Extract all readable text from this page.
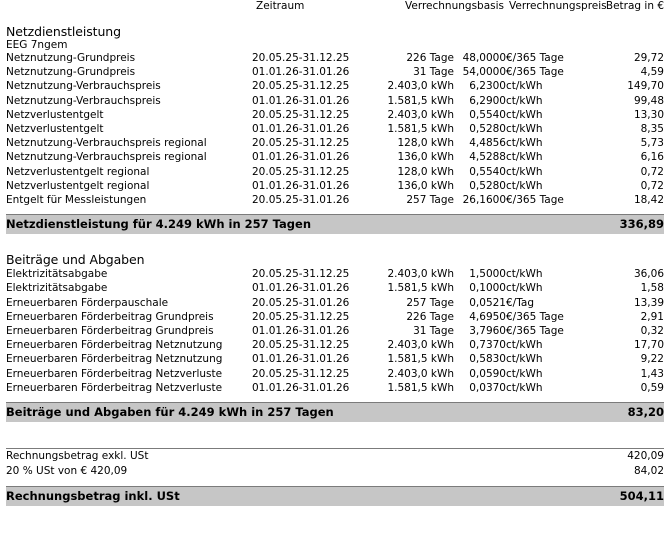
	Zeitraum	Verrechnungsbasis		Verrechnungspreis	Betrag in €

Netzdienstleistung					
EEG 7ngem					
Netznutzung-Grundpreis	20.05.25-31.12.25	226 Tage	48,0000	€/365 Tage	29,72
Netznutzung-Grundpreis	01.01.26-31.01.26	31 Tage	54,0000	€/365 Tage	4,59
Netznutzung-Verbrauchspreis	20.05.25-31.12.25	2.403,0 kWh	6,2300	ct/kWh	149,70
Netznutzung-Verbrauchspreis	01.01.26-31.01.26	1.581,5 kWh	6,2900	ct/kWh	99,48
Netzverlustentgelt	20.05.25-31.12.25	2.403,0 kWh	0,5540	ct/kWh	13,30
Netzverlustentgelt	01.01.26-31.01.26	1.581,5 kWh	0,5280	ct/kWh	8,35
Netznutzung-Verbrauchspreis regional	20.05.25-31.12.25	128,0 kWh	4,4856	ct/kWh	5,73
Netznutzung-Verbrauchspreis regional	01.01.26-31.01.26	136,0 kWh	4,5288	ct/kWh	6,16
Netzverlustentgelt regional	20.05.25-31.12.25	128,0 kWh	0,5540	ct/kWh	0,72
Netzverlustentgelt regional	01.01.26-31.01.26	136,0 kWh	0,5280	ct/kWh	0,72
Entgelt für Messleistungen	20.05.25-31.01.26	257 Tage	26,1600	€/365 Tage	18,42

Netzdienstleistung für 4.249 kWh in 257 Tagen					336,89

Beiträge und Abgaben					
Elektrizitätsabgabe	20.05.25-31.12.25	2.403,0 kWh	1,5000	ct/kWh	36,06
Elektrizitätsabgabe	01.01.26-31.01.26	1.581,5 kWh	0,1000	ct/kWh	1,58
Erneuerbaren Förderpauschale	20.05.25-31.01.26	257 Tage	0,0521	€/Tag	13,39
Erneuerbaren Förderbeitrag Grundpreis	20.05.25-31.12.25	226 Tage	4,6950	€/365 Tage	2,91
Erneuerbaren Förderbeitrag Grundpreis	01.01.26-31.01.26	31 Tage	3,7960	€/365 Tage	0,32
Erneuerbaren Förderbeitrag Netznutzung	20.05.25-31.12.25	2.403,0 kWh	0,7370	ct/kWh	17,70
Erneuerbaren Förderbeitrag Netznutzung	01.01.26-31.01.26	1.581,5 kWh	0,5830	ct/kWh	9,22
Erneuerbaren Förderbeitrag Netzverluste	20.05.25-31.12.25	2.403,0 kWh	0,0590	ct/kWh	1,43
Erneuerbaren Förderbeitrag Netzverluste	01.01.26-31.01.26	1.581,5 kWh	0,0370	ct/kWh	0,59

Beiträge und Abgaben für 4.249 kWh in 257 Tagen					83,20

Rechnungsbetrag exkl. USt					420,09
20 % USt von € 420,09					84,02

Rechnungsbetrag inkl. USt					504,11
